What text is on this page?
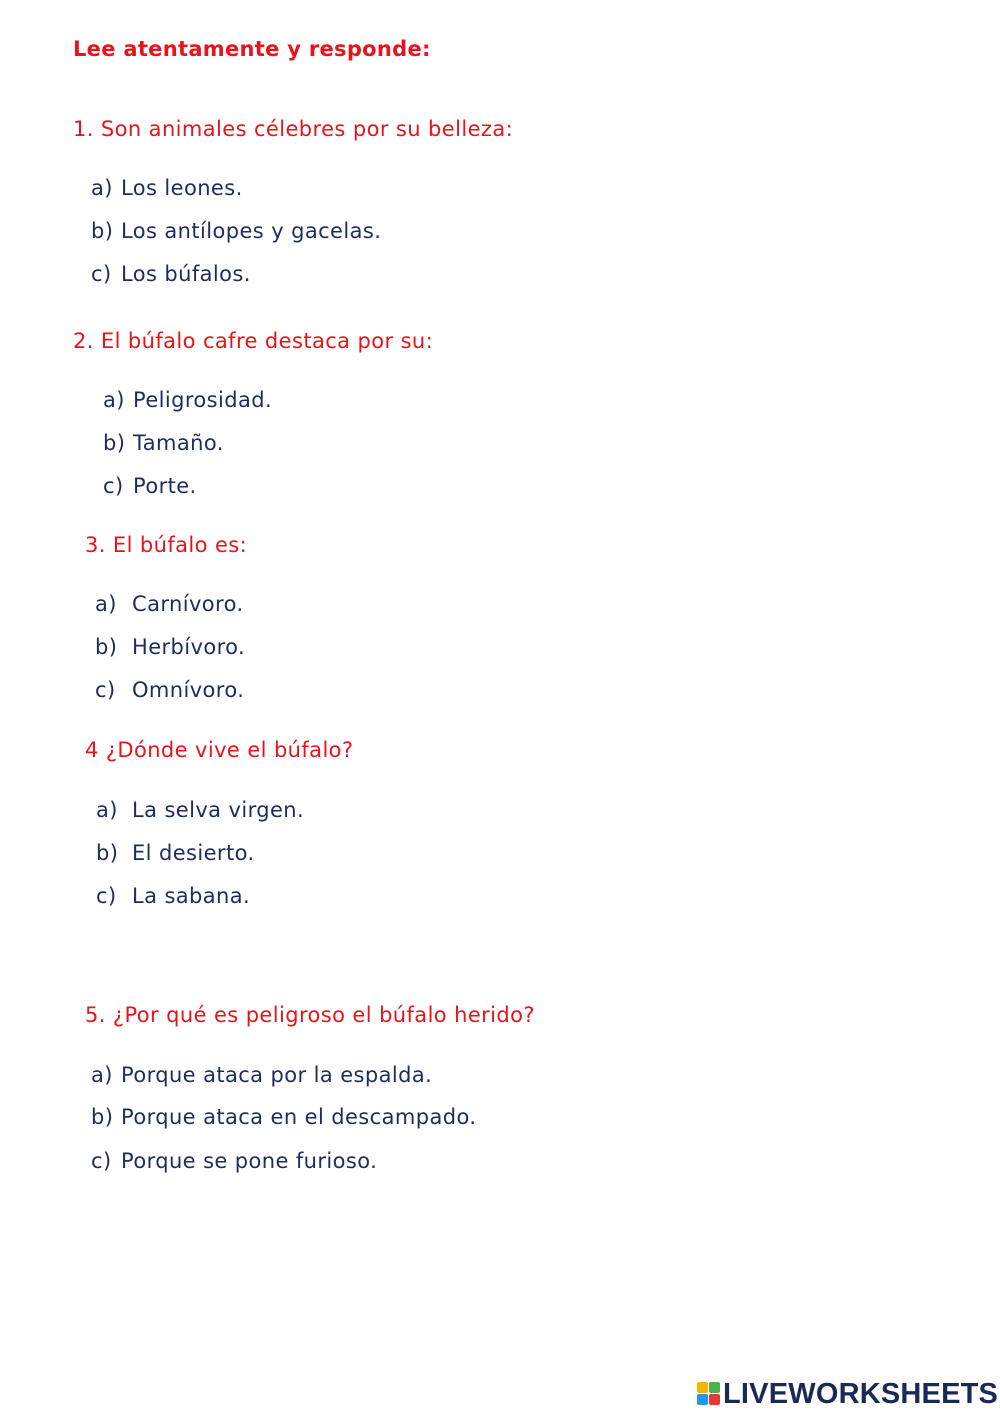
Lee atentamente y responde:
1. Son animales célebres por su belleza:
a) Los leones.
b) Los antílopes y gacelas.
c) Los búfalos.
2. El búfalo cafre destaca por su:
a) Peligrosidad.
b) Tamaño.
c) Porte.
3. El búfalo es:
a) Carnívoro.
b) Herbívoro.
c) Omnívoro.
4 ¿Dónde vive el búfalo?
a) La selva virgen.
b) El desierto.
c) La sabana.
5. ¿Por qué es peligroso el búfalo herido?
a) Porque ataca por la espalda.
b) Porque ataca en el descampado.
c) Porque se pone furioso.
LIVEWORKSHEETS
